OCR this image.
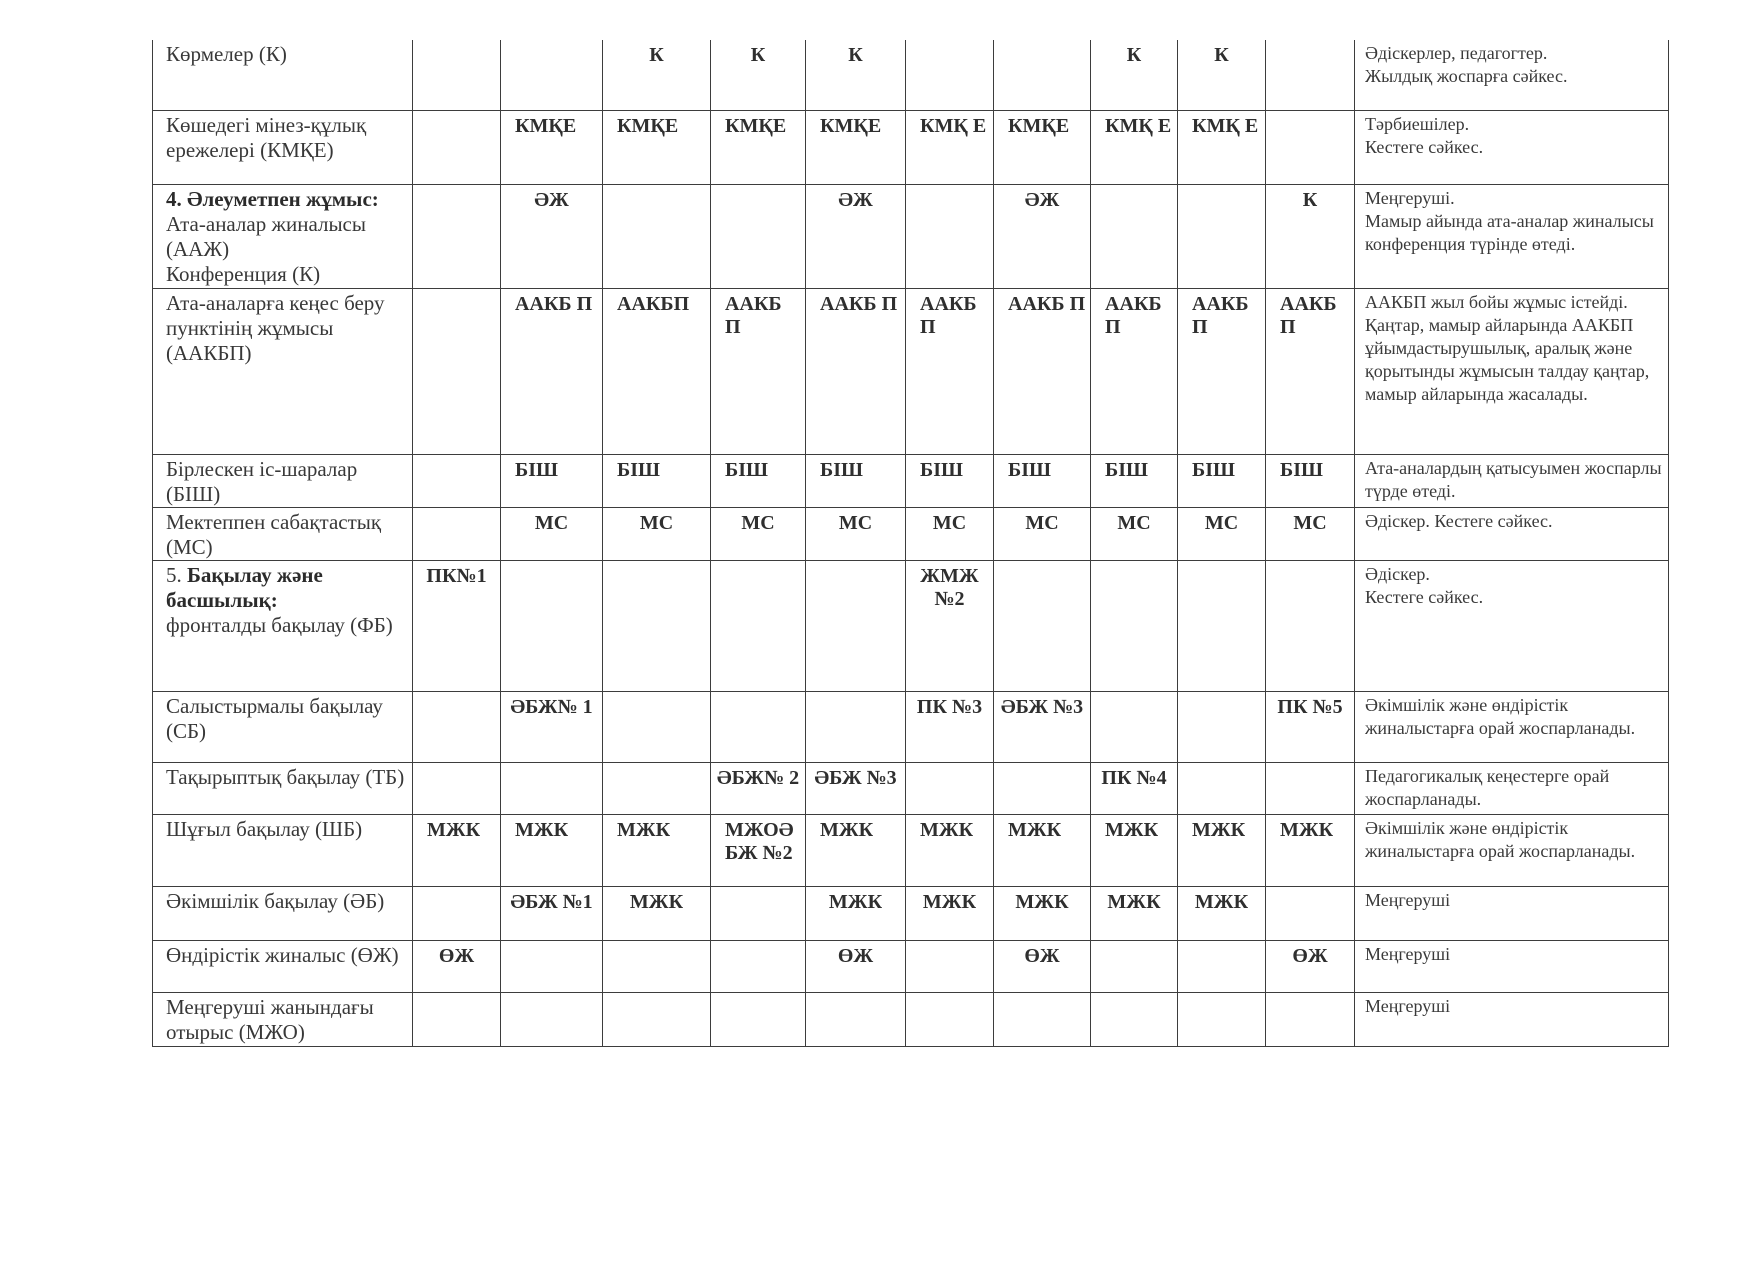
Көрмелер (К)			К	К	К			К	К		Әдіскерлер, педагогтер.
Жылдық жоспарға сәйкес.

Көшедегі мінез-құлық ережелері (КМҚЕ)		КМҚЕ	КМҚЕ	КМҚЕ	КМҚЕ	КМҚ Е	КМҚЕ	КМҚ Е	КМҚ Е		Тәрбиешілер.
Кестеге сәйкес.

4. Әлеуметпен жұмыс:

Ата-аналар жиналысы
(ААЖ)
Конференция (К)		ӘЖ			ӘЖ		ӘЖ			К	Меңгеруші.
Мамыр айында ата-аналар жиналысы конференция түрінде өтеді.

Ата-аналарға кеңес беру пунктінің жұмысы (ААКБП)		ААКБ П	ААКБП	ААКБ П	ААКБ П	ААКБ П	ААКБ П	ААКБ П	ААКБ П	ААКБ П	ААКБП жыл бойы жұмыс істейді.
Қаңтар, мамыр айларында ААКБП ұйымдастырушылық, аралық және қорытынды жұмысын талдау қаңтар, мамыр айларында жасалады.

Бірлескен іс-шаралар (БІШ)		БІШ	БІШ	БІШ	БІШ	БІШ	БІШ	БІШ	БІШ	БІШ	Ата-аналардың қатысуымен жоспарлы түрде өтеді.

Мектеппен сабақтастық (МС)		МС	МС	МС	МС	МС	МС	МС	МС	МС	Әдіскер. Кестеге сәйкес.

5. Бақылау және басшылық:
фронталды бақылау (ФБ)	ПК№1					ЖМЖ №2					Әдіскер.
Кестеге сәйкес.

Салыстырмалы бақылау (СБ)		ӘБЖ№ 1				ПК №3	ӘБЖ №3			ПК №5	Әкімшілік және өндірістік жиналыстарға орай жоспарланады.

Тақырыптық бақылау (ТБ)				ӘБЖ№ 2	ӘБЖ №3			ПК №4			Педагогикалық кеңестерге орай жоспарланады.

Шұғыл бақылау (ШБ)	МЖК	МЖК	МЖК	МЖОӘ БЖ №2	МЖК	МЖК	МЖК	МЖК	МЖК	МЖК	Әкімшілік және өндірістік жиналыстарға орай жоспарланады.

Әкімшілік бақылау (ӘБ)		ӘБЖ №1	МЖК		МЖК	МЖК	МЖК	МЖК	МЖК		Меңгеруші

Өндірістік жиналыс (ӨЖ)	ӨЖ				ӨЖ		ӨЖ			ӨЖ	Меңгеруші

Меңгеруші жанындағы отырыс (МЖО)											Меңгеруші
